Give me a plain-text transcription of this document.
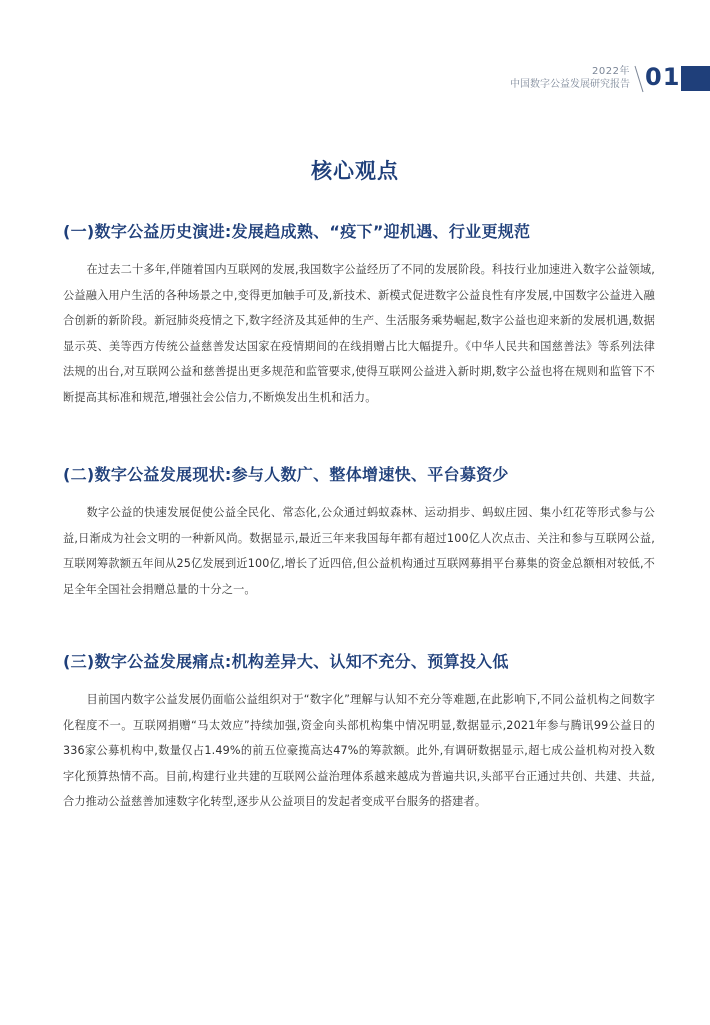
2022年
中国数字公益发展研究报告 01
核心观点
(一)数字公益历史演进:发展趋成熟、“疫下”迎机遇、行业更规范
在过去二十多年,伴随着国内互联网的发展,我国数字公益经历了不同的发展阶段。科技行业加速进入数字公益领域,公益融入用户生活的各种场景之中,变得更加触手可及,新技术、新模式促进数字公益良性有序发展,中国数字公益进入融合创新的新阶段。新冠肺炎疫情之下,数字经济及其延伸的生产、生活服务乘势崛起,数字公益也迎来新的发展机遇,数据显示英、美等西方传统公益慈善发达国家在疫情期间的在线捐赠占比大幅提升。《中华人民共和国慈善法》等系列法律法规的出台,对互联网公益和慈善提出更多规范和监管要求,使得互联网公益进入新时期,数字公益也将在规则和监管下不断提高其标准和规范,增强社会公信力,不断焕发出生机和活力。
(二)数字公益发展现状:参与人数广、整体增速快、平台募资少
数字公益的快速发展促使公益全民化、常态化,公众通过蚂蚁森林、运动捐步、蚂蚁庄园、集小红花等形式参与公益,日渐成为社会文明的一种新风尚。数据显示,最近三年来我国每年都有超过100亿人次点击、关注和参与互联网公益,互联网筹款额五年间从25亿发展到近100亿,增长了近四倍,但公益机构通过互联网募捐平台募集的资金总额相对较低,不足全年全国社会捐赠总量的十分之一。
(三)数字公益发展痛点:机构差异大、认知不充分、预算投入低
目前国内数字公益发展仍面临公益组织对于“数字化”理解与认知不充分等难题,在此影响下,不同公益机构之间数字化程度不一。互联网捐赠“马太效应”持续加强,资金向头部机构集中情况明显,数据显示,2021年参与腾讯99公益日的336家公募机构中,数量仅占1.49%的前五位豪揽高达47%的筹款额。此外,有调研数据显示,超七成公益机构对投入数字化预算热情不高。目前,构建行业共建的互联网公益治理体系越来越成为普遍共识,头部平台正通过共创、共建、共益,合力推动公益慈善加速数字化转型,逐步从公益项目的发起者变成平台服务的搭建者。
